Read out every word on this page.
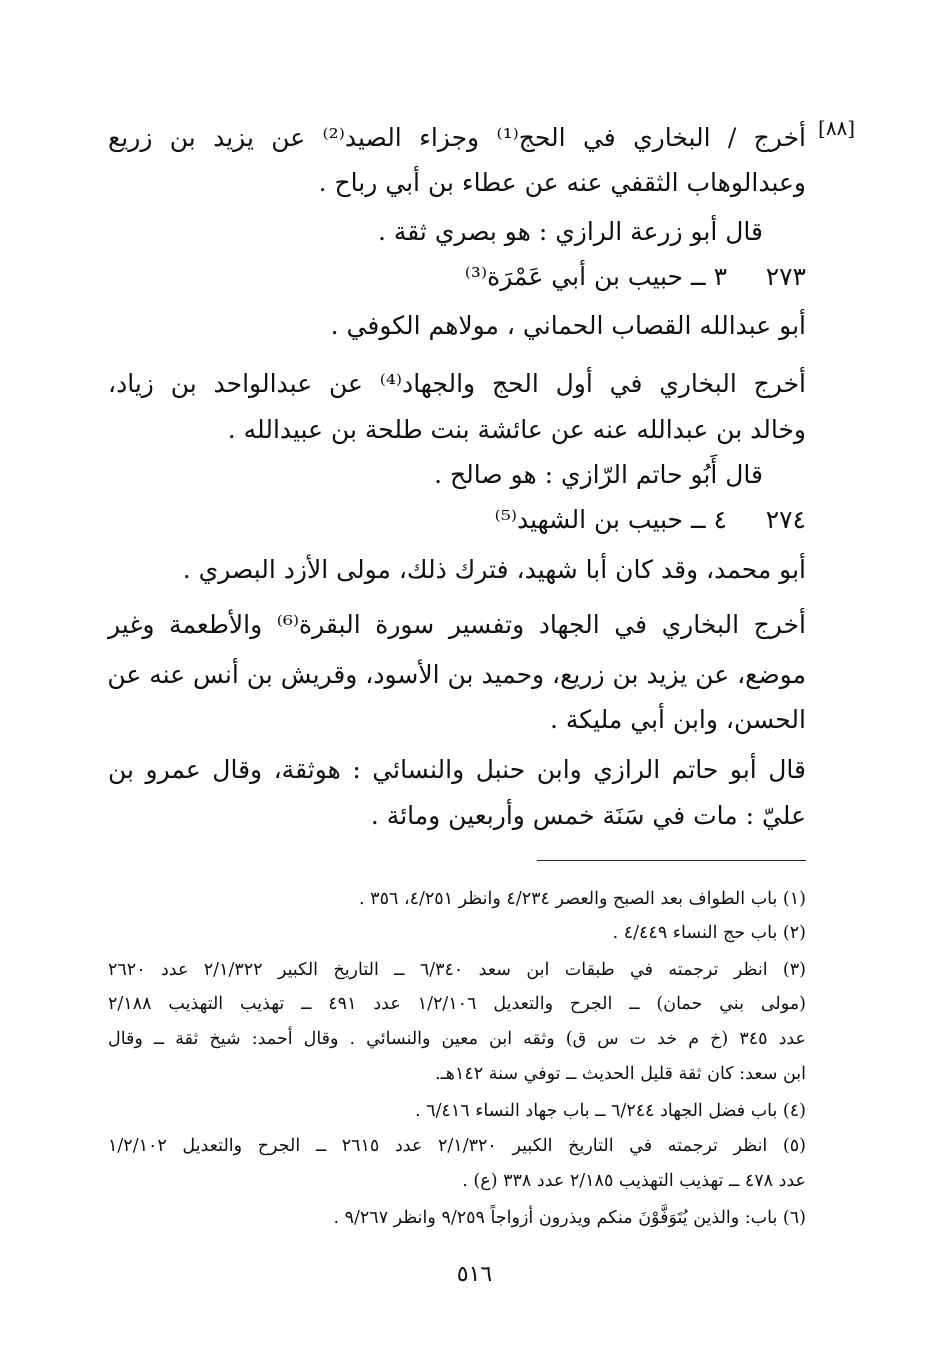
[٨٨]
أخرج / البخاري في الحج⁽¹⁾ وجزاء الصيد⁽²⁾ عن يزيد بن زريع
وعبدالوهاب الثقفي عنه عن عطاء بن أبي رباح .
قال أبو زرعة الرازي : هو بصري ثقة .
٢٧٣
٣ ــ حبيب بن أبي عَمْرَة⁽³⁾
أبو عبدالله القصاب الحماني ، مولاهم الكوفي .
أخرج البخاري في أول الحج والجهاد⁽⁴⁾ عن عبدالواحد بن زياد،
وخالد بن عبدالله عنه عن عائشة بنت طلحة بن عبيدالله .
قال أَبُو حاتم الرّازي : هو صالح .
٢٧٤
٤ ــ حبيب بن الشهيد⁽⁵⁾
أبو محمد، وقد كان أبا شهيد، فترك ذلك، مولى الأزد البصري .
أخرج البخاري في الجهاد وتفسير سورة البقرة⁽⁶⁾ والأطعمة وغير
موضع، عن يزيد بن زريع، وحميد بن الأسود، وقريش بن أنس عنه عن
الحسن، وابن أبي مليكة .
قال أبو حاتم الرازي وابن حنبل والنسائي : هوثقة، وقال عمرو بن
عليّ : مات في سَنَة خمس وأربعين ومائة .
(١) باب الطواف بعد الصبح والعصر ٤/٢٣٤ وانظر ٤/٢٥١، ٣٥٦ .
(٢) باب حج النساء ٤/٤٤٩ .
(٣) انظر ترجمته في طبقات ابن سعد ٦/٣٤٠ ــ التاريخ الكبير ٢/١/٣٢٢ عدد ٢٦٢٠
(مولى بني حمان) ــ الجرح والتعديل ١/٢/١٠٦ عدد ٤٩١ ــ تهذيب التهذيب ٢/١٨٨
عدد ٣٤٥ (خ م خد ت س ق) وثقه ابن معين والنسائي . وقال أحمد: شيخ ثقة ــ وقال
ابن سعد: كان ثقة قليل الحديث ــ توفي سنة ١٤٢هـ.
(٤) باب فضل الجهاد ٦/٢٤٤ ــ باب جهاد النساء ٦/٤١٦ .
(٥) انظر ترجمته في التاريخ الكبير ٢/١/٣٢٠ عدد ٢٦١٥ ــ الجرح والتعديل ١/٢/١٠٢
عدد ٤٧٨ ــ تهذيب التهذيب ٢/١٨٥ عدد ٣٣٨ (ع) .
(٦) باب: والذين يُتَوَفَّوْنَ منكم ويذرون أزواجاً ٩/٢٥٩ وانظر ٩/٢٦٧ .
٥١٦
